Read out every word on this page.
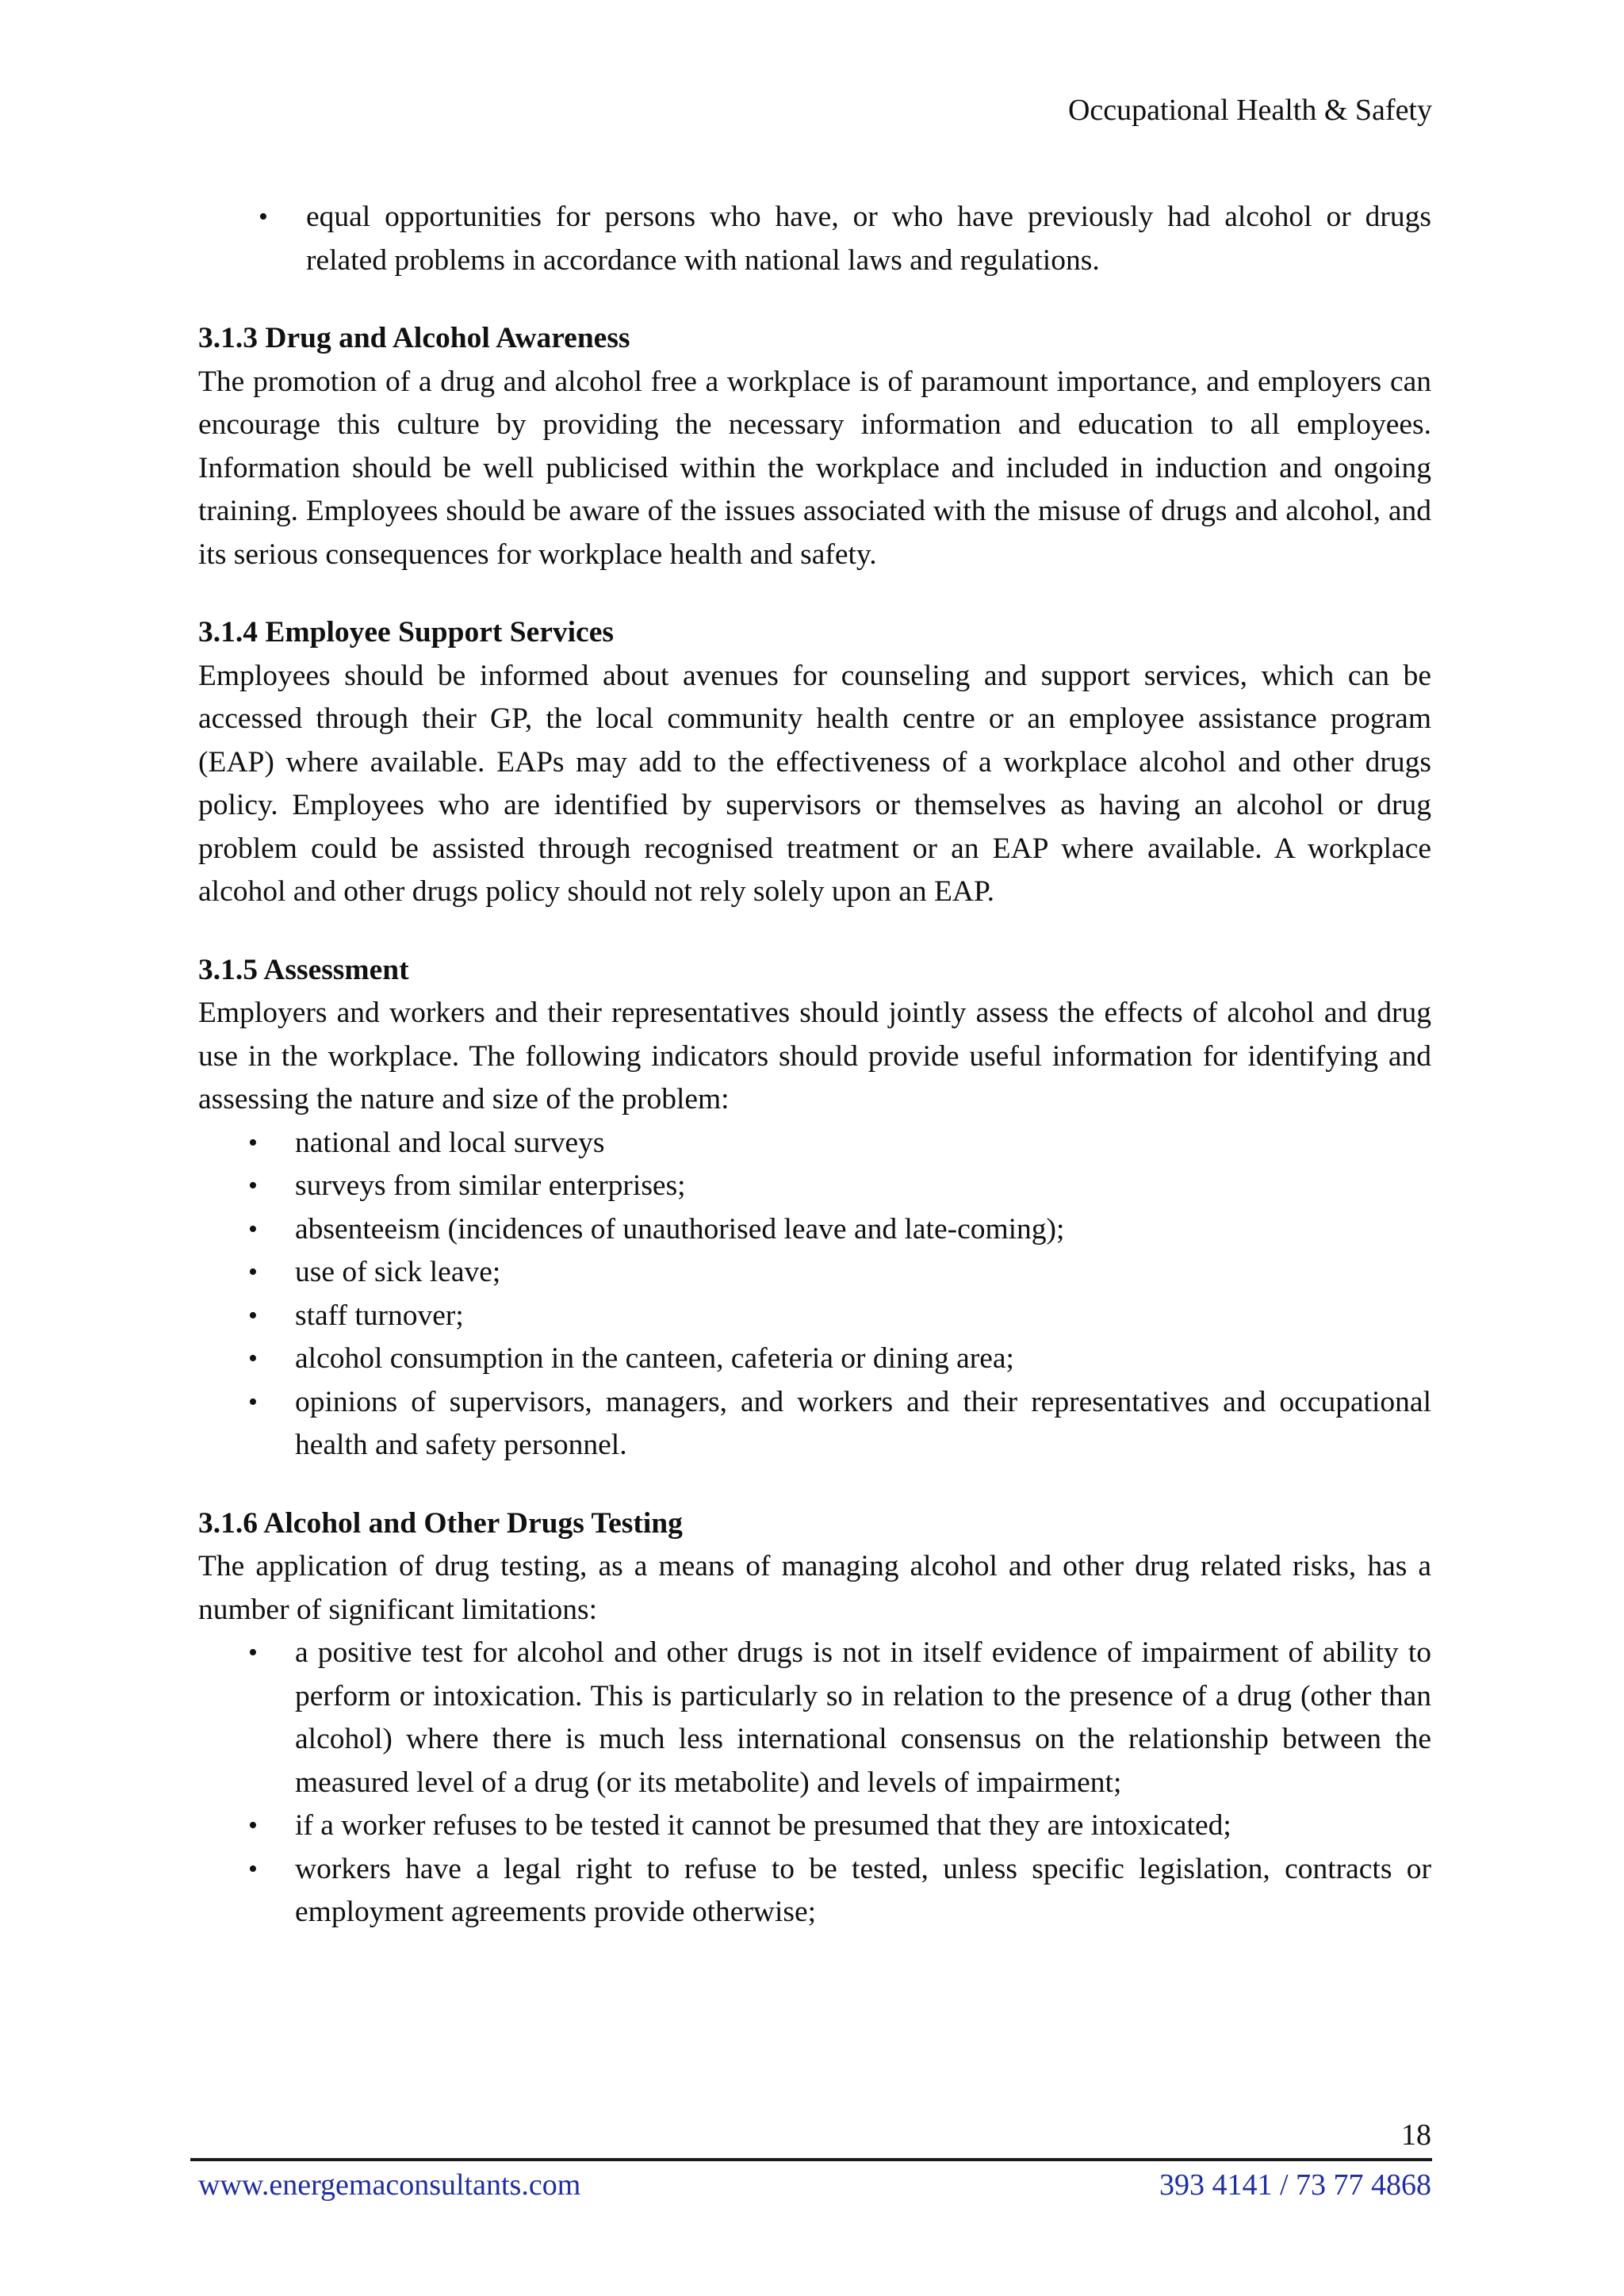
Occupational Health & Safety
• equal opportunities for persons who have, or who have previously had alcohol or drugs related problems in accordance with national laws and regulations.
3.1.3 Drug and Alcohol Awareness

The promotion of a drug and alcohol free a workplace is of paramount importance, and employers can encourage this culture by providing the necessary information and education to all employees. Information should be well publicised within the workplace and included in induction and ongoing training. Employees should be aware of the issues associated with the misuse of drugs and alcohol, and its serious consequences for workplace health and safety.

3.1.4 Employee Support Services

Employees should be informed about avenues for counseling and support services, which can be accessed through their GP, the local community health centre or an employee assistance program (EAP) where available. EAPs may add to the effectiveness of a workplace alcohol and other drugs policy. Employees who are identified by supervisors or themselves as having an alcohol or drug problem could be assisted through recognised treatment or an EAP where available. A workplace alcohol and other drugs policy should not rely solely upon an EAP.

3.1.5 Assessment

Employers and workers and their representatives should jointly assess the effects of alcohol and drug use in the workplace. The following indicators should provide useful information for identifying and assessing the nature and size of the problem:

• national and local surveys
• surveys from similar enterprises;
• absenteeism (incidences of unauthorised leave and late-coming);
• use of sick leave;
• staff turnover;
• alcohol consumption in the canteen, cafeteria or dining area;
• opinions of supervisors, managers, and workers and their representatives and occupational health and safety personnel.
3.1.6 Alcohol and Other Drugs Testing

The application of drug testing, as a means of managing alcohol and other drug related risks, has a number of significant limitations:

• a positive test for alcohol and other drugs is not in itself evidence of impairment of ability to perform or intoxication. This is particularly so in relation to the presence of a drug (other than alcohol) where there is much less international consensus on the relationship between the measured level of a drug (or its metabolite) and levels of impairment;
• if a worker refuses to be tested it cannot be presumed that they are intoxicated;
• workers have a legal right to refuse to be tested, unless specific legislation, contracts or employment agreements provide otherwise;
18
www.energemaconsultants.com	393 4141 / 73 77 4868
